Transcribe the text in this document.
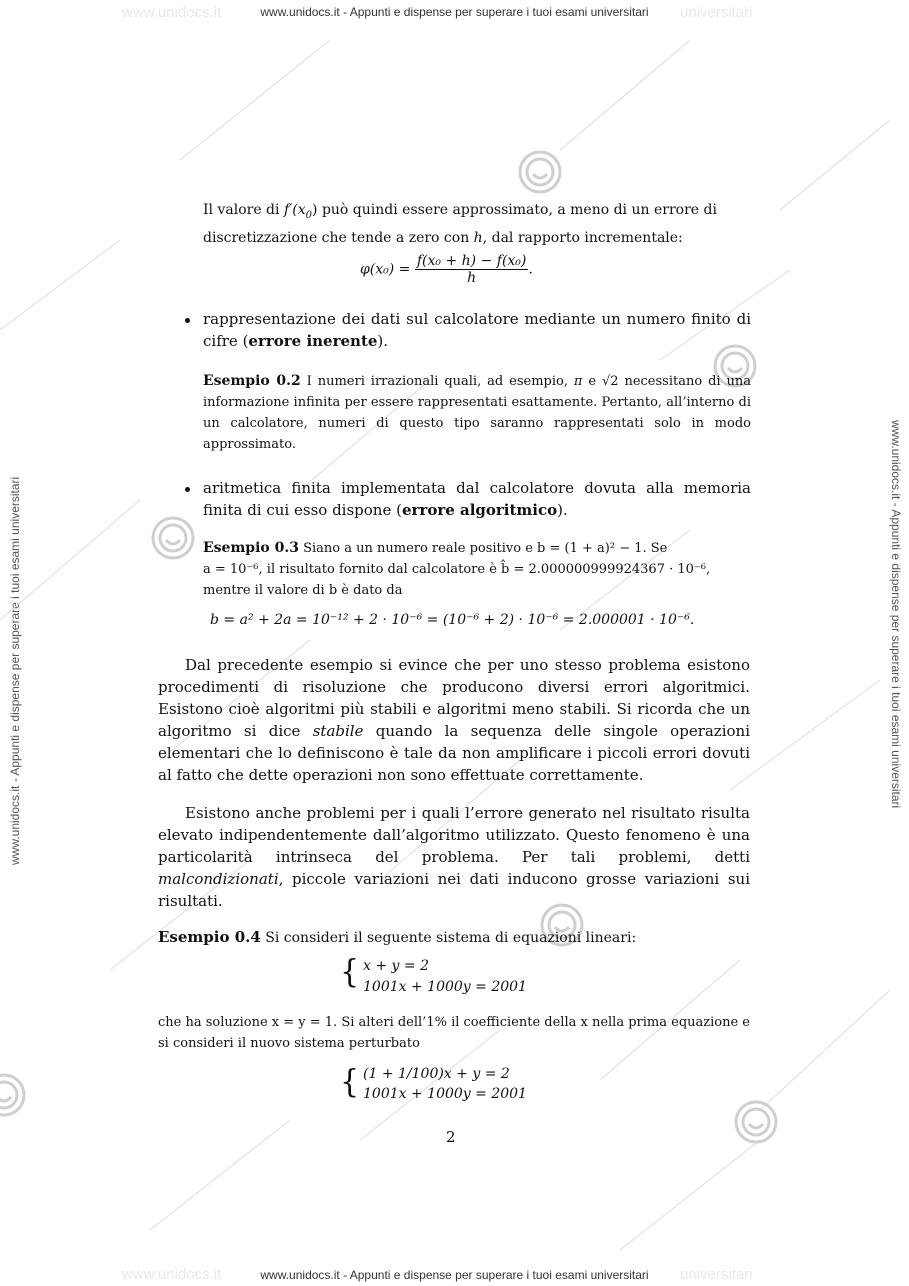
www.unidocs.it	universitari
www.unidocs.it - Appunti e dispense per superare i tuoi esami universitari
www.unidocs.it	universitari
www.unidocs.it - Appunti e dispense per superare i tuoi esami universitari
www.unidocs.it - Appunti e dispense per superare i tuoi esami universitari	www.unidocs.it - Appunti e dispense per superare i tuoi esami universitari
Il valore di $f'(x_0)$ può quindi essere approssimato, a meno di un errore di
discretizzazione che tende a zero con h, dal rapporto incrementale:
$\varphi(x_0) = \frac{\text{f(x₀ + h) − f(x₀)}}{h}$ .
rappresentazione dei dati sul calcolatore mediante un numero finito di cifre (errore inerente).
Esempio 0.2 I numeri irrazionali quali, ad esempio, π e √2 necessitano di una informazione infinita per essere rappresentati esattamente. Pertanto, all’interno di un calcolatore, numeri di questo tipo saranno rappresentati solo in modo approssimato.
aritmetica finita implementata dal calcolatore dovuta alla memoria finita di cui esso dispone (errore algoritmico).
Esempio 0.3 Siano a un numero reale positivo e b = (1 + a)² − 1. Se
a = 10⁻⁶, il risultato fornito dal calcolatore è b̂ = 2.000000999924367 · 10⁻⁶,
mentre il valore di b è dato da
b = a² + 2a = 10⁻¹² + 2 · 10⁻⁶ = (10⁻⁶ + 2) · 10⁻⁶ = 2.000001 · 10⁻⁶.
Dal precedente esempio si evince che per uno stesso problema esistono procedimenti di risoluzione che producono diversi errori algoritmici. Esistono cioè algoritmi più stabili e algoritmi meno stabili. Si ricorda che un algoritmo si dice stabile quando la sequenza delle singole operazioni elementari che lo definiscono è tale da non amplificare i piccoli errori dovuti al fatto che dette operazioni non sono effettuate correttamente.
Esistono anche problemi per i quali l’errore generato nel risultato risulta elevato indipendentemente dall’algoritmo utilizzato. Questo fenomeno è una particolarità intrinseca del problema. Per tali problemi, detti malcondizionati, piccole variazioni nei dati inducono grosse variazioni sui risultati.
Esempio 0.4 Si consideri il seguente sistema di equazioni lineari:
{ x + y = 2
1001x + 1000y = 2001
che ha soluzione x = y = 1. Si alteri dell’1% il coefficiente della x nella prima equazione e si consideri il nuovo sistema perturbato
{ (1 + 1/100)x + y = 2
1001x + 1000y = 2001
2
